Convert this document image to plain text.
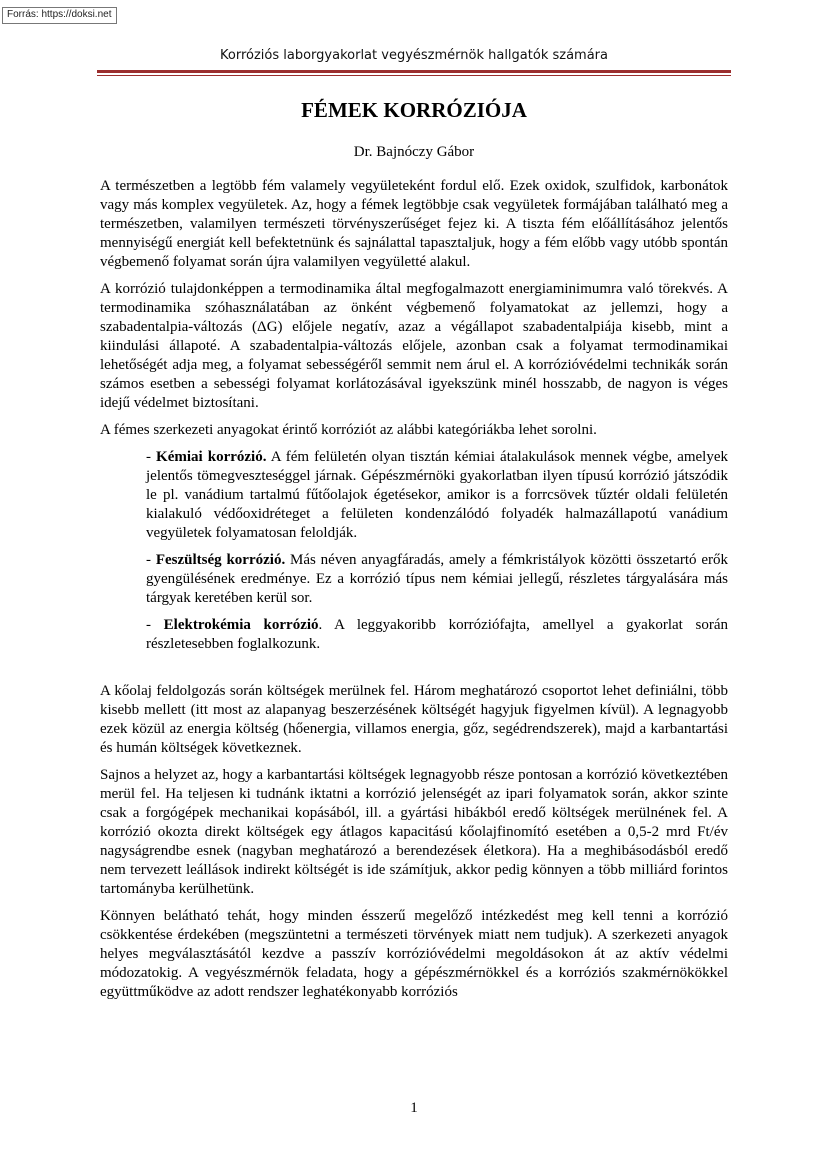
Forrás: https://doksi.net
Korróziós laborgyakorlat vegyészmérnök hallgatók számára
FÉMEK KORRÓZIÓJA
Dr. Bajnóczy Gábor

A természetben a legtöbb fém valamely vegyületeként fordul elő. Ezek oxidok, szulfidok, karbonátok vagy más komplex vegyületek. Az, hogy a fémek legtöbbje csak vegyületek formájában található meg a természetben, valamilyen természeti törvényszerűséget fejez ki. A tiszta fém előállításához jelentős mennyiségű energiát kell befektetnünk és sajnálattal tapasztaljuk, hogy a fém előbb vagy utóbb spontán végbemenő folyamat során újra valamilyen vegyületté alakul.

A korrózió tulajdonképpen a termodinamika által megfogalmazott energiaminimumra való törekvés. A termodinamika szóhasználatában az önként végbemenő folyamatokat az jellemzi, hogy a szabadentalpia-változás (ΔG) előjele negatív, azaz a végállapot szabadentalpiája kisebb, mint a kiindulási állapoté. A szabadentalpia-változás előjele, azonban csak a folyamat termodinamikai lehetőségét adja meg, a folyamat sebességéről semmit nem árul el. A korrózióvédelmi technikák során számos esetben a sebességi folyamat korlátozásával igyekszünk minél hosszabb, de nagyon is véges idejű védelmet biztosítani.

A fémes szerkezeti anyagokat érintő korróziót az alábbi kategóriákba lehet sorolni.

- Kémiai korrózió. A fém felületén olyan tisztán kémiai átalakulások mennek végbe, amelyek jelentős tömegveszteséggel járnak. Gépészmérnöki gyakorlatban ilyen típusú korrózió játszódik le pl. vanádium tartalmú fűtőolajok égetésekor, amikor is a forrcsövek tűztér oldali felületén kialakuló védőoxidréteget a felületen kondenzálódó folyadék halmazállapotú vanádium vegyületek folyamatosan feloldják.

- Feszültség korrózió. Más néven anyagfáradás, amely a fémkristályok közötti összetartó erők gyengülésének eredménye. Ez a korrózió típus nem kémiai jellegű, részletes tárgyalására más tárgyak keretében kerül sor.

- Elektrokémia korrózió. A leggyakoribb korróziófajta, amellyel a gyakorlat során részletesebben foglalkozunk.

A kőolaj feldolgozás során költségek merülnek fel. Három meghatározó csoportot lehet definiálni, több kisebb mellett (itt most az alapanyag beszerzésének költségét hagyjuk figyelmen kívül). A legnagyobb ezek közül az energia költség (hőenergia, villamos energia, gőz, segédrendszerek), majd a karbantartási és humán költségek következnek.

Sajnos a helyzet az, hogy a karbantartási költségek legnagyobb része pontosan a korrózió következtében merül fel. Ha teljesen ki tudnánk iktatni a korrózió jelenségét az ipari folyamatok során, akkor szinte csak a forgógépek mechanikai kopásából, ill. a gyártási hibákból eredő költségek merülnének fel. A korrózió okozta direkt költségek egy átlagos kapacitású kőolajfinomító esetében a 0,5-2 mrd Ft/év nagyságrendbe esnek (nagyban meghatározó a berendezések életkora). Ha a meghibásodásból eredő nem tervezett leállások indirekt költségét is ide számítjuk, akkor pedig könnyen a több milliárd forintos tartományba kerülhetünk.

Könnyen belátható tehát, hogy minden ésszerű megelőző intézkedést meg kell tenni a korrózió csökkentése érdekében (megszüntetni a természeti törvények miatt nem tudjuk). A szerkezeti anyagok helyes megválasztásától kezdve a passzív korrózióvédelmi megoldásokon át az aktív védelmi módozatokig. A vegyészmérnök feladata, hogy a gépészmérnökkel és a korróziós szakmérnökökkel együttműködve az adott rendszer leghatékonyabb korróziós

1
